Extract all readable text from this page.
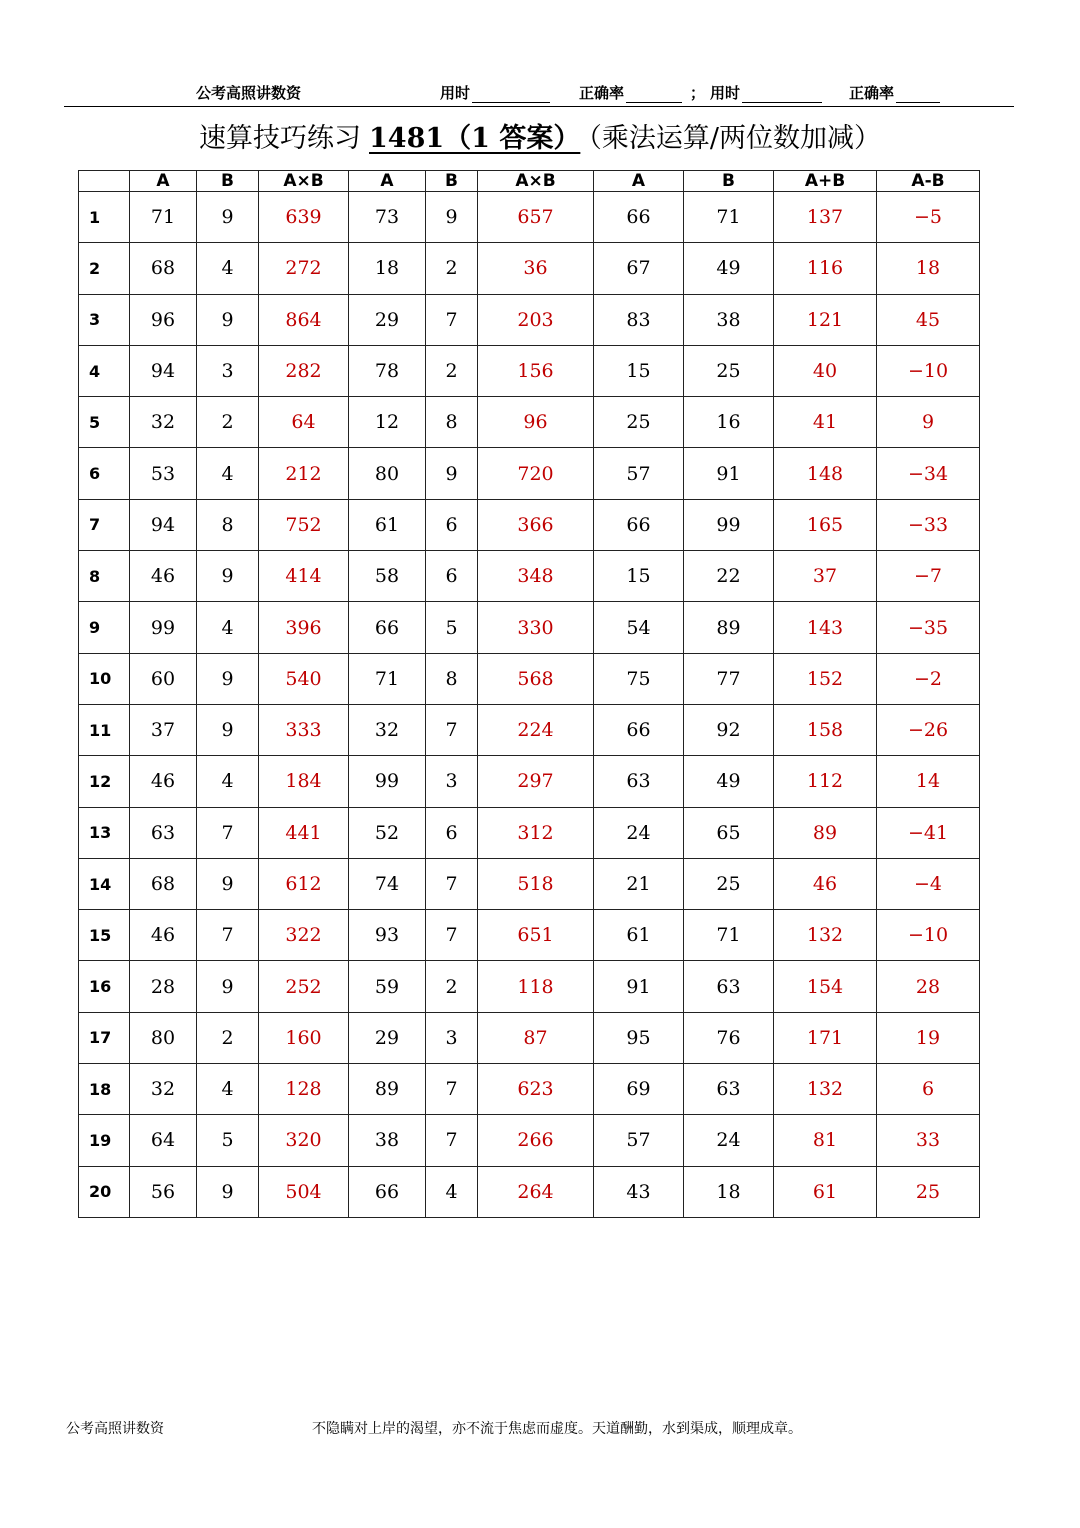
公考高照讲数资	用时	正确率	； 用时	正确率
速算技巧练习 1481（1 答案） （乘法运算/两位数加减）
	A	B	A×B	A	B	A×B	A	B	A+B	A-B
1	71	9	639	73	9	657	66	71	137	−5
2	68	4	272	18	2	36	67	49	116	18
3	96	9	864	29	7	203	83	38	121	45
4	94	3	282	78	2	156	15	25	40	−10
5	32	2	64	12	8	96	25	16	41	9
6	53	4	212	80	9	720	57	91	148	−34
7	94	8	752	61	6	366	66	99	165	−33
8	46	9	414	58	6	348	15	22	37	−7
9	99	4	396	66	5	330	54	89	143	−35
10	60	9	540	71	8	568	75	77	152	−2
11	37	9	333	32	7	224	66	92	158	−26
12	46	4	184	99	3	297	63	49	112	14
13	63	7	441	52	6	312	24	65	89	−41
14	68	9	612	74	7	518	21	25	46	−4
15	46	7	322	93	7	651	61	71	132	−10
16	28	9	252	59	2	118	91	63	154	28
17	80	2	160	29	3	87	95	76	171	19
18	32	4	128	89	7	623	69	63	132	6
19	64	5	320	38	7	266	57	24	81	33
20	56	9	504	66	4	264	43	18	61	25
公考高照讲数资	不隐瞒对上岸的渴望，亦不流于焦虑而虚度。天道酬勤，水到渠成，顺理成章。
